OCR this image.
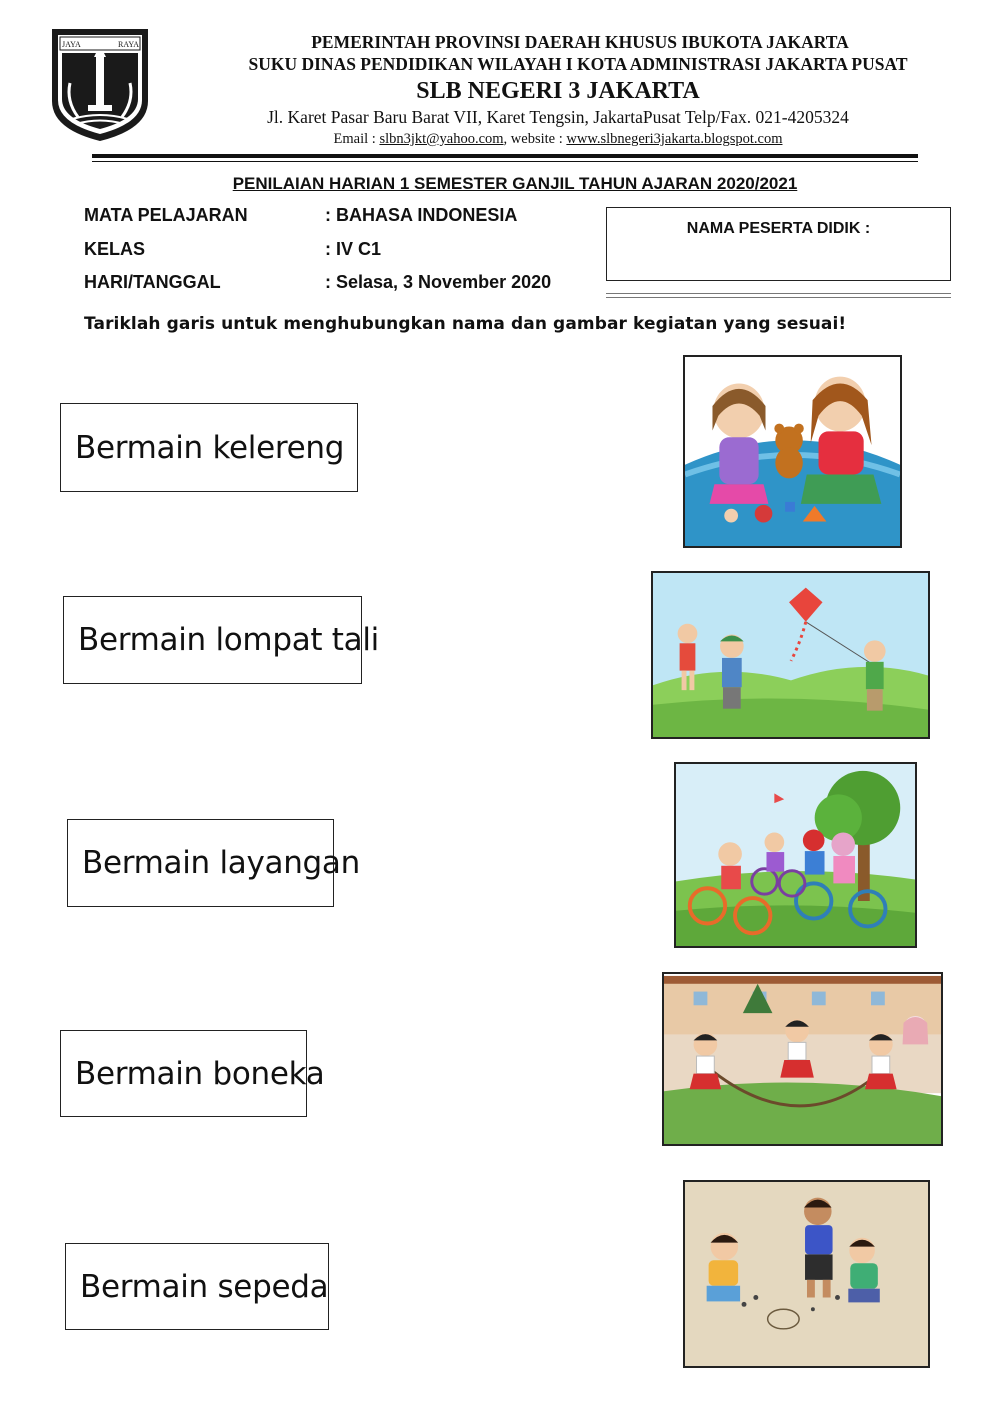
JAYA	RAYA	PEMERINTAH PROVINSI DAERAH KHUSUS IBUKOTA JAKARTA
SUKU DINAS PENDIDIKAN WILAYAH I KOTA ADMINISTRASI JAKARTA PUSAT
SLB NEGERI 3 JAKARTA
Jl. Karet Pasar Baru Barat VII, Karet Tengsin, JakartaPusat Telp/Fax. 021-4205324
Email : slbn3jkt@yahoo.com, website : www.slbnegeri3jakarta.blogspot.com
PENILAIAN HARIAN 1 SEMESTER GANJIL TAHUN AJARAN 2020/2021
MATA PELAJARAN	: BAHASA INDONESIA
KELAS	: IV C1
HARI/TANGGAL	: Selasa, 3 November 2020
NAMA PESERTA DIDIK :
Tariklah garis untuk menghubungkan nama dan gambar kegiatan yang sesuai!
Bermain kelereng
Bermain lompat tali
Bermain layangan
Bermain boneka
Bermain sepeda
